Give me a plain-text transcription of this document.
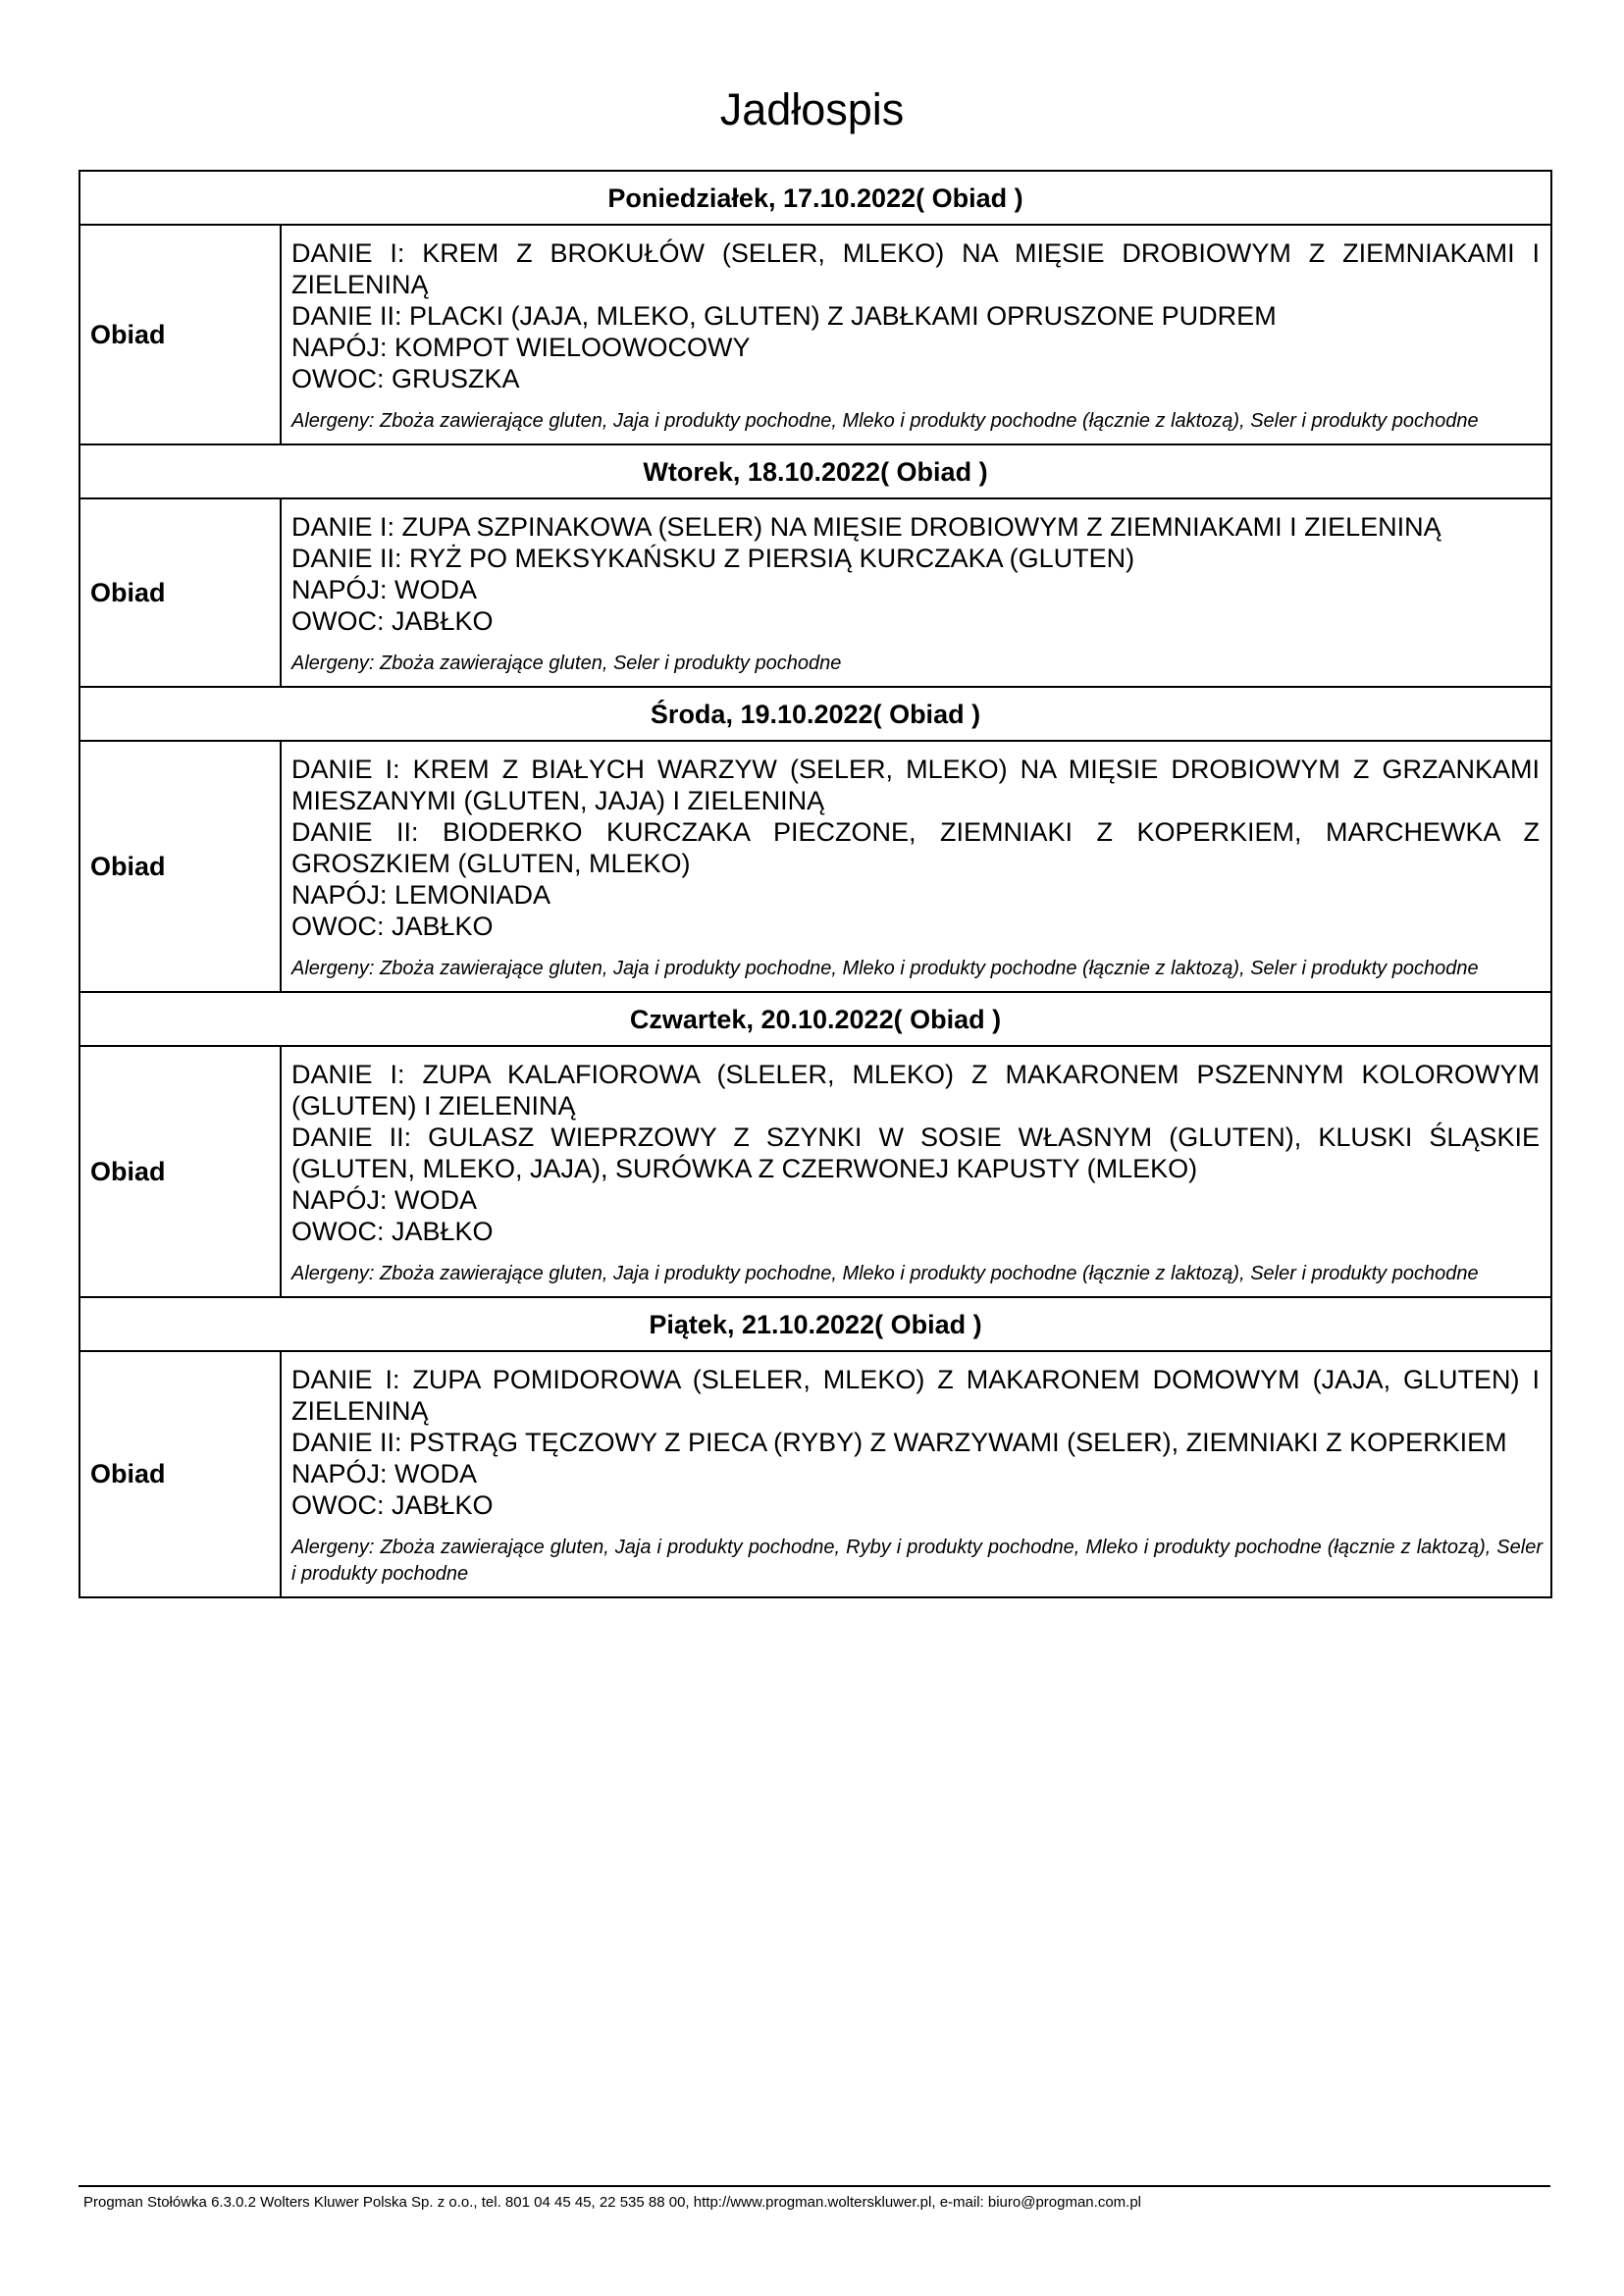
Jadłospis
Poniedziałek, 17.10.2022( Obiad )	
Obiad	DANIE I: KREM Z BROKUŁÓW (SELER, MLEKO) NA MIĘSIE DROBIOWYM Z ZIEMNIAKAMI I ZIELENINĄ
DANIE II: PLACKI (JAJA, MLEKO, GLUTEN) Z JABŁKAMI OPRUSZONE PUDREM
NAPÓJ: KOMPOT WIELOOWOCOWY
OWOC: GRUSZKA
Alergeny: Zboża zawierające gluten, Jaja i produkty pochodne, Mleko i produkty pochodne (łącznie z laktozą), Seler i produkty pochodne

Wtorek, 18.10.2022( Obiad )	
Obiad	DANIE I: ZUPA SZPINAKOWA (SELER) NA MIĘSIE DROBIOWYM Z ZIEMNIAKAMI I ZIELENINĄ
DANIE II: RYŻ PO MEKSYKAŃSKU Z PIERSIĄ KURCZAKA (GLUTEN)
NAPÓJ: WODA
OWOC: JABŁKO
Alergeny: Zboża zawierające gluten, Seler i produkty pochodne

Środa, 19.10.2022( Obiad )	
Obiad	DANIE I: KREM Z BIAŁYCH WARZYW (SELER, MLEKO) NA MIĘSIE DROBIOWYM Z GRZANKAMI MIESZANYMI (GLUTEN, JAJA) I ZIELENINĄ
DANIE II: BIODERKO KURCZAKA PIECZONE, ZIEMNIAKI Z KOPERKIEM, MARCHEWKA Z GROSZKIEM (GLUTEN, MLEKO)
NAPÓJ: LEMONIADA
OWOC: JABŁKO
Alergeny: Zboża zawierające gluten, Jaja i produkty pochodne, Mleko i produkty pochodne (łącznie z laktozą), Seler i produkty pochodne

Czwartek, 20.10.2022( Obiad )	
Obiad	DANIE I: ZUPA KALAFIOROWA (SLELER, MLEKO) Z MAKARONEM PSZENNYM KOLOROWYM (GLUTEN) I ZIELENINĄ
DANIE II: GULASZ WIEPRZOWY Z SZYNKI W SOSIE WŁASNYM (GLUTEN), KLUSKI ŚLĄSKIE (GLUTEN, MLEKO, JAJA), SURÓWKA Z CZERWONEJ KAPUSTY (MLEKO)
NAPÓJ: WODA
OWOC: JABŁKO
Alergeny: Zboża zawierające gluten, Jaja i produkty pochodne, Mleko i produkty pochodne (łącznie z laktozą), Seler i produkty pochodne

Piątek, 21.10.2022( Obiad )	
Obiad	DANIE I: ZUPA POMIDOROWA (SLELER, MLEKO) Z MAKARONEM DOMOWYM (JAJA, GLUTEN) I ZIELENINĄ
DANIE II: PSTRĄG TĘCZOWY Z PIECA (RYBY) Z WARZYWAMI (SELER), ZIEMNIAKI Z KOPERKIEM
NAPÓJ: WODA
OWOC: JABŁKO
Alergeny: Zboża zawierające gluten, Jaja i produkty pochodne, Ryby i produkty pochodne, Mleko i produkty pochodne (łącznie z laktozą), Seler i produkty pochodne
Progman Stołówka 6.3.0.2 Wolters Kluwer Polska Sp. z o.o., tel. 801 04 45 45, 22 535 88 00, http://www.progman.wolterskluwer.pl, e-mail: biuro@progman.com.pl
